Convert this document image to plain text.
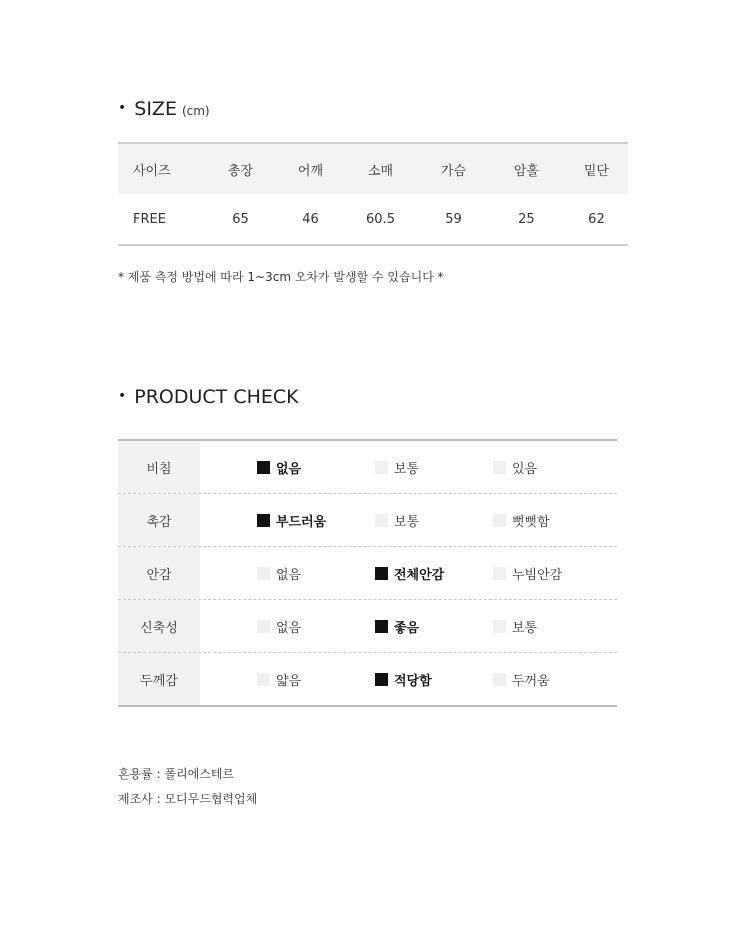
• SIZE (cm)
사이즈	총장	어깨	소매	가슴	암홀	밑단
FREE	65	46	60.5	59	25	62
* 제품 측정 방법에 따라 1~3cm 오차가 발생할 수 있습니다 *
• PRODUCT CHECK
비침	없음	보통	있음
촉감	부드러움	보통	뻣뻣함
안감	없음	전체안감	누빔안감
신축성	없음	좋음	보통
두께감	얇음	적당함	두꺼움
혼용률 : 폴리에스테르
제조사 : 모디무드협력업체
